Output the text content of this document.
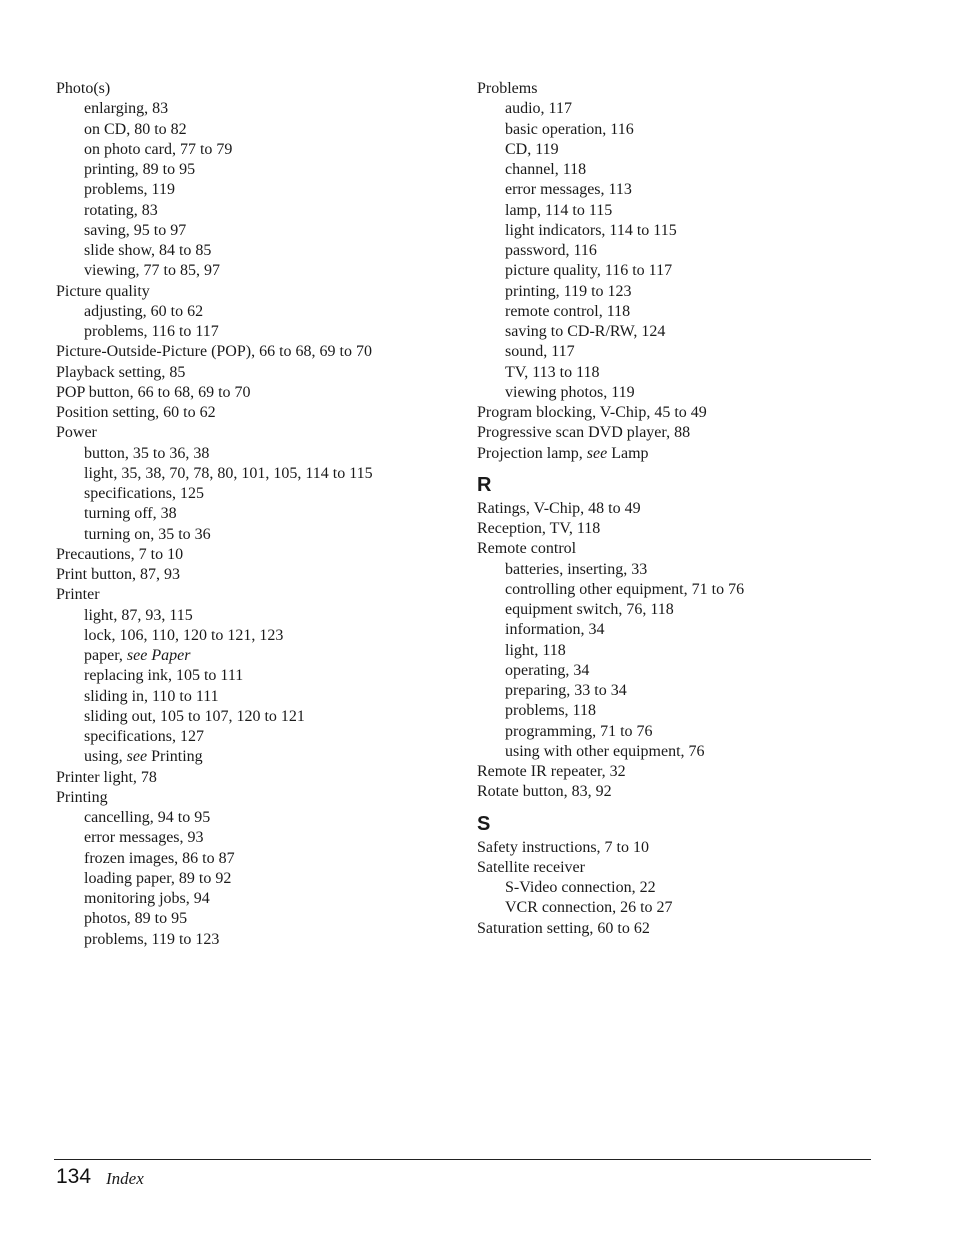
Photo(s)
enlarging, 83
on CD, 80 to 82
on photo card, 77 to 79
printing, 89 to 95
problems, 119
rotating, 83
saving, 95 to 97
slide show, 84 to 85
viewing, 77 to 85, 97
Picture quality
adjusting, 60 to 62
problems, 116 to 117
Picture-Outside-Picture (POP), 66 to 68, 69 to 70
Playback setting, 85
POP button, 66 to 68, 69 to 70
Position setting, 60 to 62
Power
button, 35 to 36, 38
light, 35, 38, 70, 78, 80, 101, 105, 114 to 115
specifications, 125
turning off, 38
turning on, 35 to 36
Precautions, 7 to 10
Print button, 87, 93
Printer
light, 87, 93, 115
lock, 106, 110, 120 to 121, 123
paper, see Paper
replacing ink, 105 to 111
sliding in, 110 to 111
sliding out, 105 to 107, 120 to 121
specifications, 127
using, see Printing
Printer light, 78
Printing
cancelling, 94 to 95
error messages, 93
frozen images, 86 to 87
loading paper, 89 to 92
monitoring jobs, 94
photos, 89 to 95
problems, 119 to 123
Problems
audio, 117
basic operation, 116
CD, 119
channel, 118
error messages, 113
lamp, 114 to 115
light indicators, 114 to 115
password, 116
picture quality, 116 to 117
printing, 119 to 123
remote control, 118
saving to CD-R/RW, 124
sound, 117
TV, 113 to 118
viewing photos, 119
Program blocking, V-Chip, 45 to 49
Progressive scan DVD player, 88
Projection lamp, see Lamp
R
Ratings, V-Chip, 48 to 49
Reception, TV, 118
Remote control
batteries, inserting, 33
controlling other equipment, 71 to 76
equipment switch, 76, 118
information, 34
light, 118
operating, 34
preparing, 33 to 34
problems, 118
programming, 71 to 76
using with other equipment, 76
Remote IR repeater, 32
Rotate button, 83, 92
S
Safety instructions, 7 to 10
Satellite receiver
S-Video connection, 22
VCR connection, 26 to 27
Saturation setting, 60 to 62
134 Index
